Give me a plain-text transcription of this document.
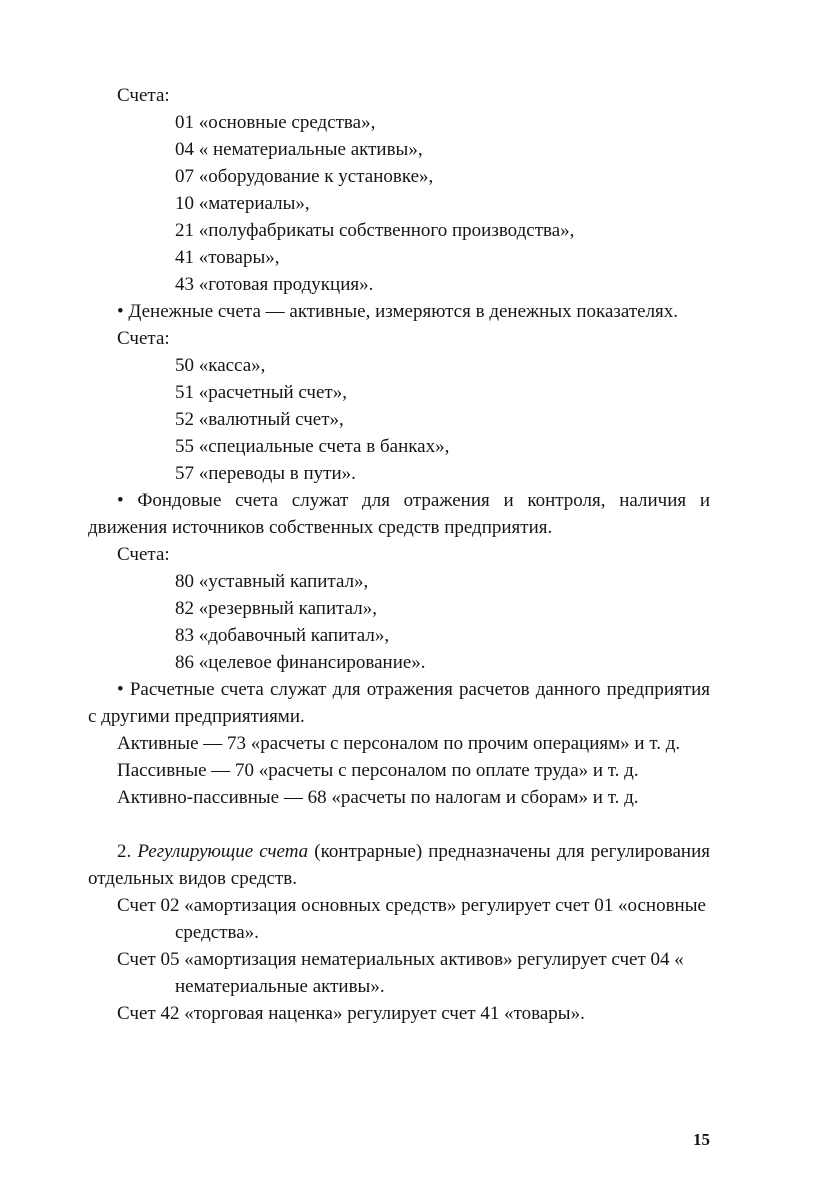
Счета:

01 «основные средства»,
04 « нематериальные активы»,
07 «оборудование к установке»,
10 «материалы»,
21 «полуфабрикаты собственного производства»,
41 «товары»,
43 «готовая продукция».

• Денежные счета — активные, измеряются в денежных показателях.

Счета:

50 «касса»,
51 «расчетный счет»,
52 «валютный счет»,
55 «специальные счета в банках»,
57 «переводы в пути».

• Фондовые счета служат для отражения и контроля, наличия и движения источников собственных средств предприятия.

Счета:

80 «уставный капитал»,
82 «резервный капитал»,
83 «добавочный капитал»,
86 «целевое финансирование».

• Расчетные счета служат для отражения расчетов данного предприятия с другими предприятиями.

Активные — 73 «расчеты с персоналом по прочим операциям» и т. д.

Пассивные — 70 «расчеты с персоналом по оплате труда» и т. д.

Активно-пассивные — 68 «расчеты по налогам и сборам» и т. д.

2. Регулирующие счета (контрарные) предназначены для регулирования отдельных видов средств.

Счет 02 «амортизация основных средств» регулирует счет 01 «основные средства».

Счет 05 «амортизация нематериальных активов» регулирует счет 04 « нематериальные активы».

Счет 42 «торговая наценка» регулирует счет 41 «товары».

15
